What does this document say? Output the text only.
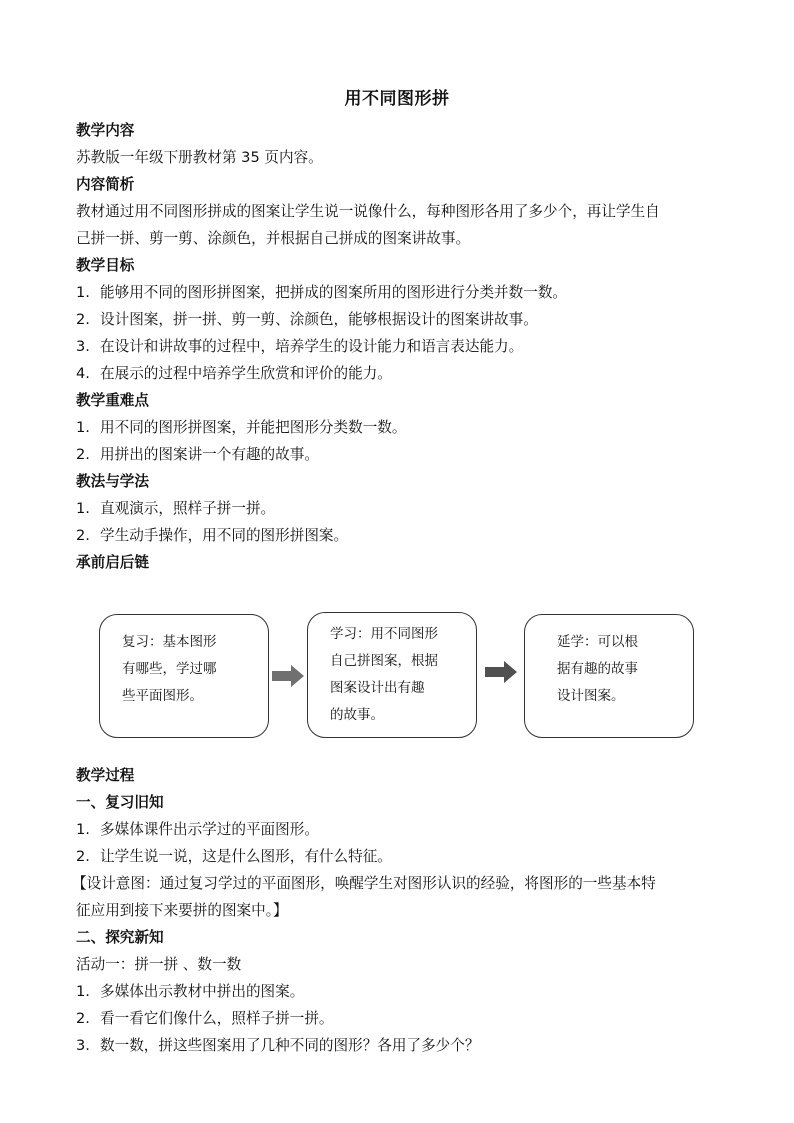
用不同图形拼
教学内容
苏教版一年级下册教材第 35 页内容。
内容简析
教材通过用不同图形拼成的图案让学生说一说像什么，每种图形各用了多少个，再让学生自
己拼一拼、剪一剪、涂颜色，并根据自己拼成的图案讲故事。
教学目标
1. 能够用不同的图形拼图案，把拼成的图案所用的图形进行分类并数一数。
2. 设计图案，拼一拼、剪一剪、涂颜色，能够根据设计的图案讲故事。
3. 在设计和讲故事的过程中，培养学生的设计能力和语言表达能力。
4. 在展示的过程中培养学生欣赏和评价的能力。
教学重难点
1. 用不同的图形拼图案，并能把图形分类数一数。
2. 用拼出的图案讲一个有趣的故事。
教法与学法
1. 直观演示，照样子拼一拼。
2. 学生动手操作，用不同的图形拼图案。
承前启后链
复习：基本图形
有哪些，学过哪
些平面图形。
学习：用不同图形
自己拼图案，根据
图案设计出有趣
的故事。
延学：可以根
据有趣的故事
设计图案。
教学过程
一、复习旧知
1. 多媒体课件出示学过的平面图形。
2. 让学生说一说，这是什么图形，有什么特征。
【设计意图：通过复习学过的平面图形，唤醒学生对图形认识的经验，将图形的一些基本特
征应用到接下来要拼的图案中。】
二、探究新知
活动一：拼一拼 、数一数
1. 多媒体出示教材中拼出的图案。
2. 看一看它们像什么，照样子拼一拼。
3. 数一数，拼这些图案用了几种不同的图形？各用了多少个？
